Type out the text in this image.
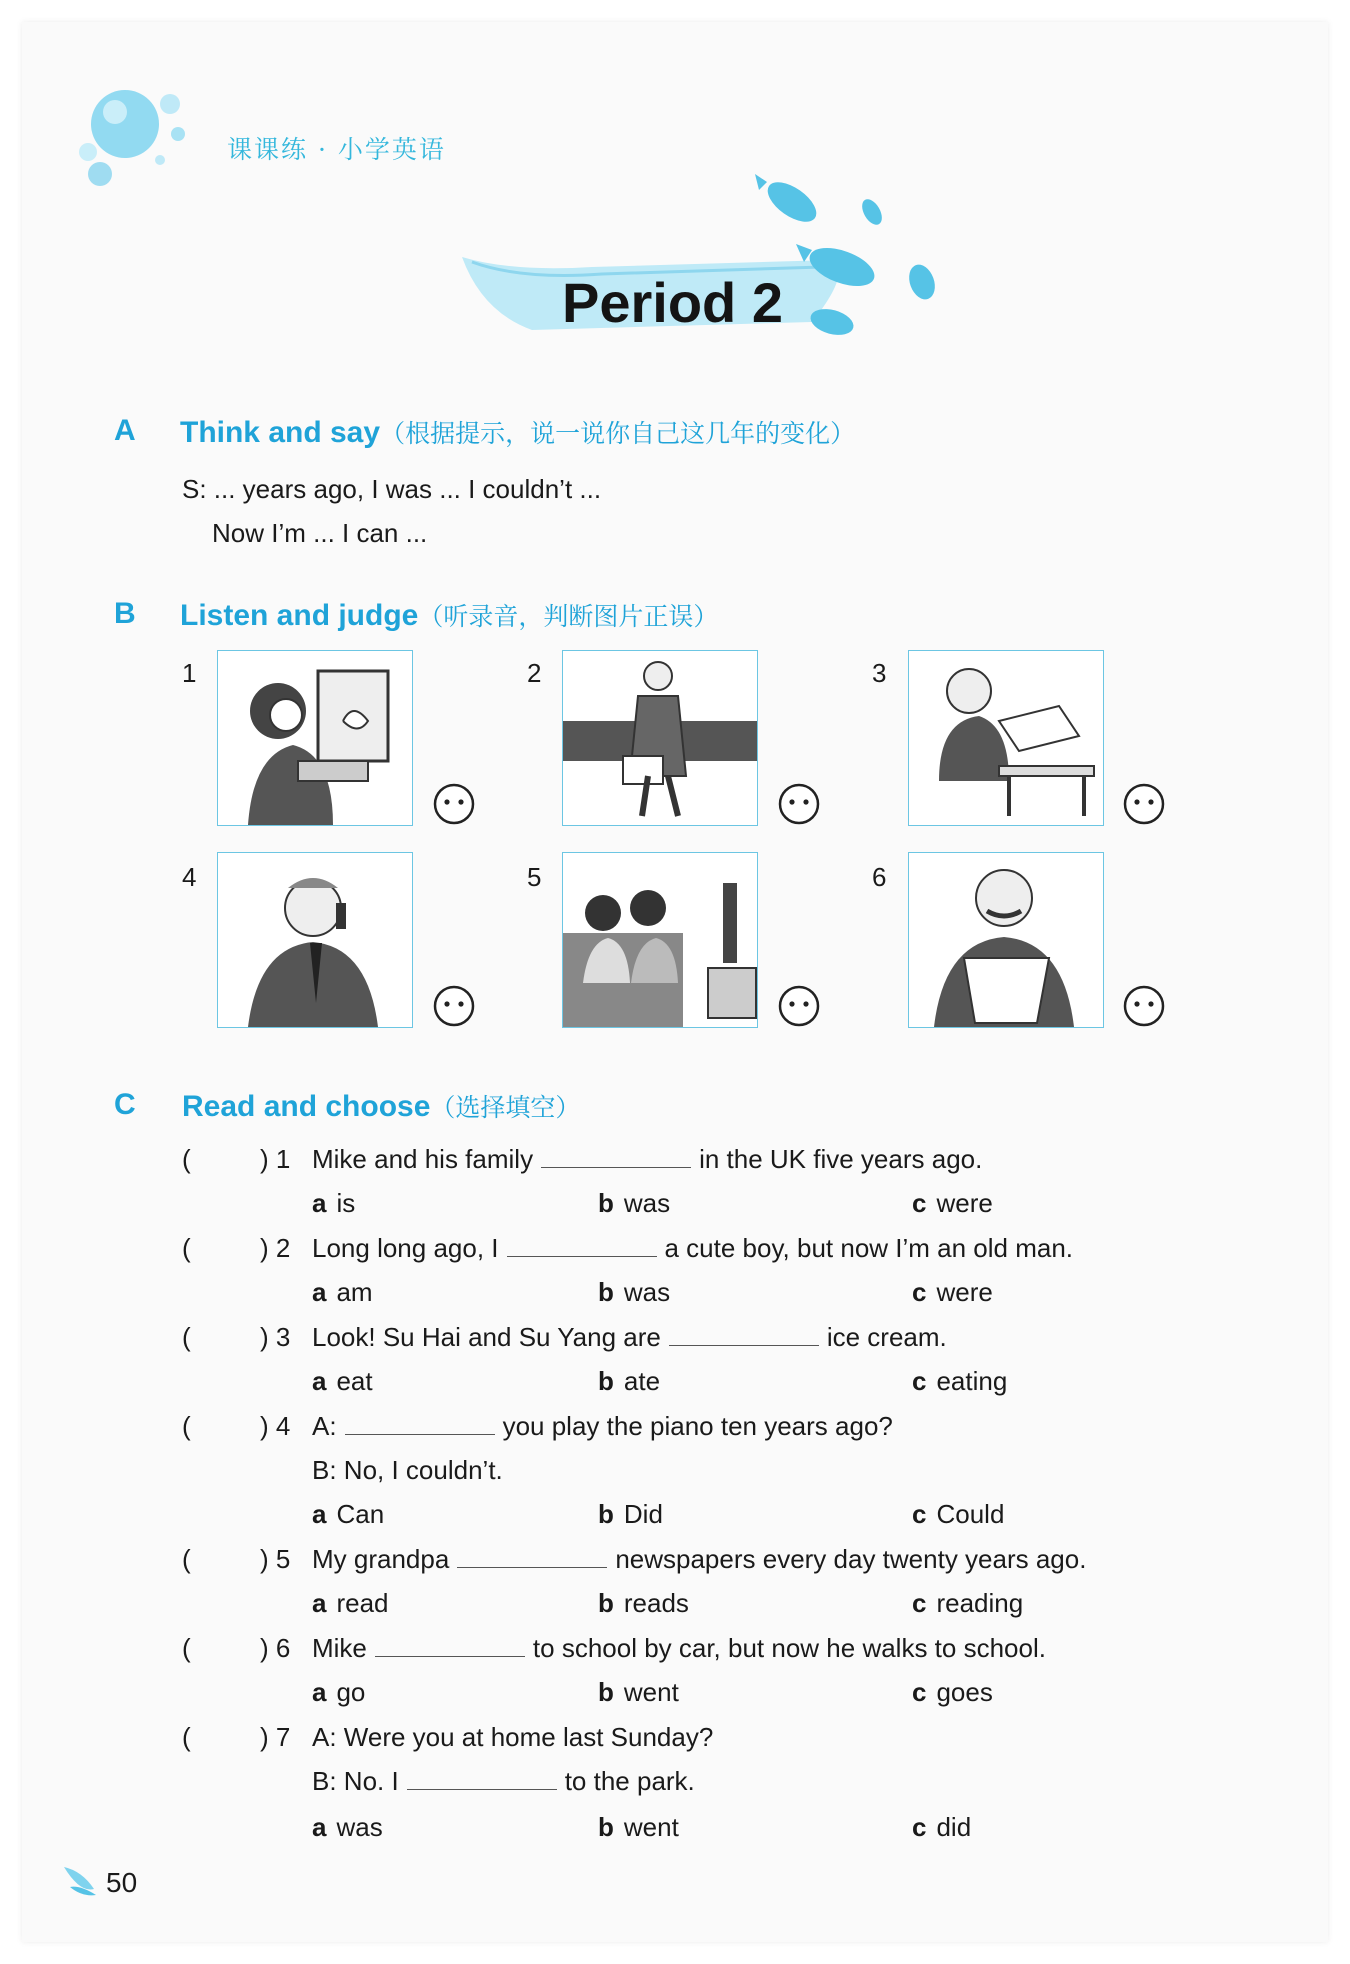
课课练 · 小学英语
Period 2
A Think and say（根据提示，说一说你自己这几年的变化）
S: ... years ago, I was ... I couldn’t ...
Now I’m ... I can ...
B Listen and judge（听录音，判断图片正误）
1	2	3
4	5	6
C Read and choose（选择填空）
(	) 1 Mike and his family	in the UK five years ago.
a is	b was	c were
(	) 2 Long long ago, I	a cute boy, but now I’m an old man.
a am	b was	c were
(	) 3 Look! Su Hai and Su Yang are	ice cream.
a eat	b ate	c eating
(	) 4 A:	you play the piano ten years ago?
B: No, I couldn’t.
a Can	b Did	c Could
(	) 5 My grandpa	newspapers every day twenty years ago.
a read	b reads	c reading
(	) 6 Mike	to school by car, but now he walks to school.
a go	b went	c goes
(	) 7 A: Were you at home last Sunday?
B: No. I	to the park.
a was	b went	c did
50
